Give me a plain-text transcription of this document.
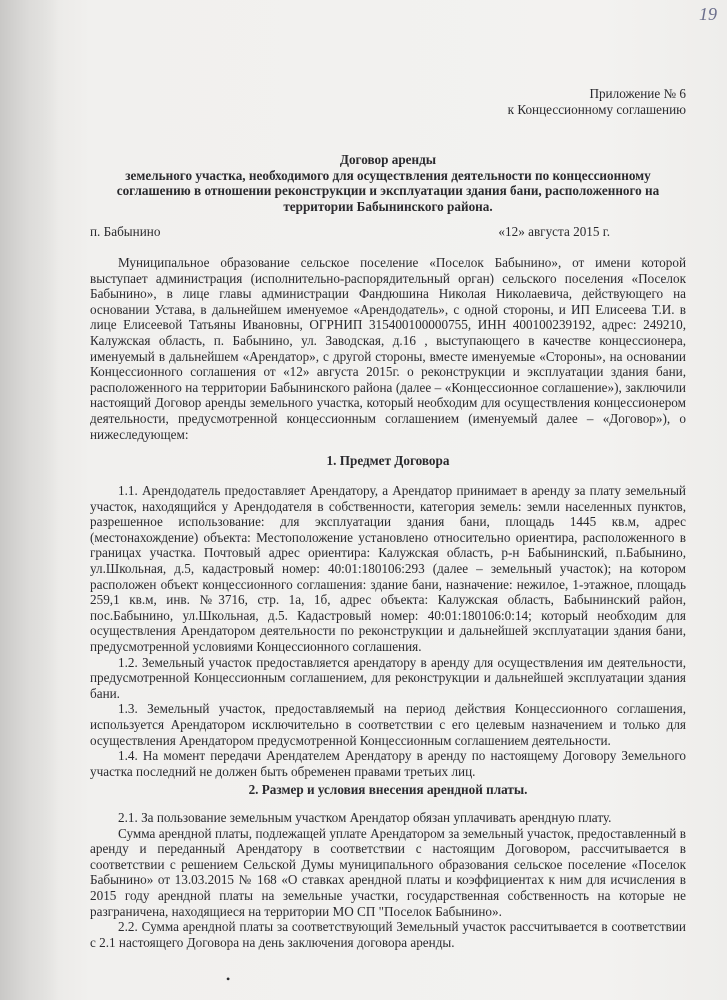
19

Приложение № 6

к Концессионному соглашению

Договор аренды

земельного участка, необходимого для осуществления деятельности по концессионному

соглашению в отношении реконструкции и эксплуатации здания бани, расположенного на

территории Бабынинского района.

п. Бабынино	«12» августа 2015 г.

Муниципальное образование сельское поселение «Поселок Бабынино», от имени которой выступает администрация (исполнительно-распорядительный орган) сельского поселения «Поселок Бабынино», в лице главы администрации Фандюшина Николая Николаевича, действующего на основании Устава, в дальнейшем именуемое «Арендодатель», с одной стороны, и ИП Елисеева Т.И. в лице Елисеевой Татьяны Ивановны, ОГРНИП 315400100000755, ИНН 400100239192, адрес: 249210, Калужская область, п. Бабынино, ул. Заводская, д.16 , выступающего в качестве концессионера, именуемый в дальнейшем «Арендатор», с другой стороны, вместе именуемые «Стороны», на основании Концессионного соглашения от «12» августа 2015г. о реконструкции и эксплуатации здания бани, расположенного на территории Бабынинского района (далее – «Концессионное соглашение»), заключили настоящий Договор аренды земельного участка, который необходим для осуществления концессионером деятельности, предусмотренной концессионным соглашением (именуемый далее – «Договор»), о нижеследующем:

1. Предмет Договора

1.1. Арендодатель предоставляет Арендатору, а Арендатор принимает в аренду за плату земельный участок, находящийся у Арендодателя в собственности, категория земель: земли населенных пунктов, разрешенное использование: для эксплуатации здания бани, площадь 1445 кв.м, адрес (местонахождение) объекта: Местоположение установлено относительно ориентира, расположенного в границах участка. Почтовый адрес ориентира: Калужская область, р-н Бабынинский, п.Бабынино, ул.Школьная, д.5, кадастровый номер: 40:01:180106:293 (далее – земельный участок); на котором расположен объект концессионного соглашения: здание бани, назначение: нежилое, 1-этажное, площадь 259,1 кв.м, инв. №3716, стр. 1а, 1б, адрес объекта: Калужская область, Бабынинский район, пос.Бабынино, ул.Школьная, д.5. Кадастровый номер: 40:01:180106:0:14; который необходим для осуществления Арендатором деятельности по реконструкции и дальнейшей эксплуатации здания бани, предусмотренной условиями Концессионного соглашения.

1.2. Земельный участок предоставляется арендатору в аренду для осуществления им деятельности, предусмотренной Концессионным соглашением, для реконструкции и дальнейшей эксплуатации здания бани.

1.3. Земельный участок, предоставляемый на период действия Концессионного соглашения, используется Арендатором исключительно в соответствии с его целевым назначением и только для осуществления Арендатором предусмотренной Концессионным соглашением деятельности.

1.4. На момент передачи Арендателем Арендатору в аренду по настоящему Договору Земельного участка последний не должен быть обременен правами третьих лиц.

2. Размер и условия внесения арендной платы.

2.1. За пользование земельным участком Арендатор обязан уплачивать арендную плату.

Сумма арендной платы, подлежащей уплате Арендатором за земельный участок, предоставленный в аренду и переданный Арендатору в соответствии с настоящим Договором, рассчитывается в соответствии с решением Сельской Думы муниципального образования сельское поселение «Поселок Бабынино» от 13.03.2015 № 168 «О ставках арендной платы и коэффициентах к ним для исчисления в 2015 году арендной платы на земельные участки, государственная собственность на которые не разграничена, находящиеся на территории МО СП "Поселок Бабынино».

2.2. Сумма арендной платы за соответствующий Земельный участок рассчитывается в соответствии с 2.1 настоящего Договора на день заключения договора аренды.

•
